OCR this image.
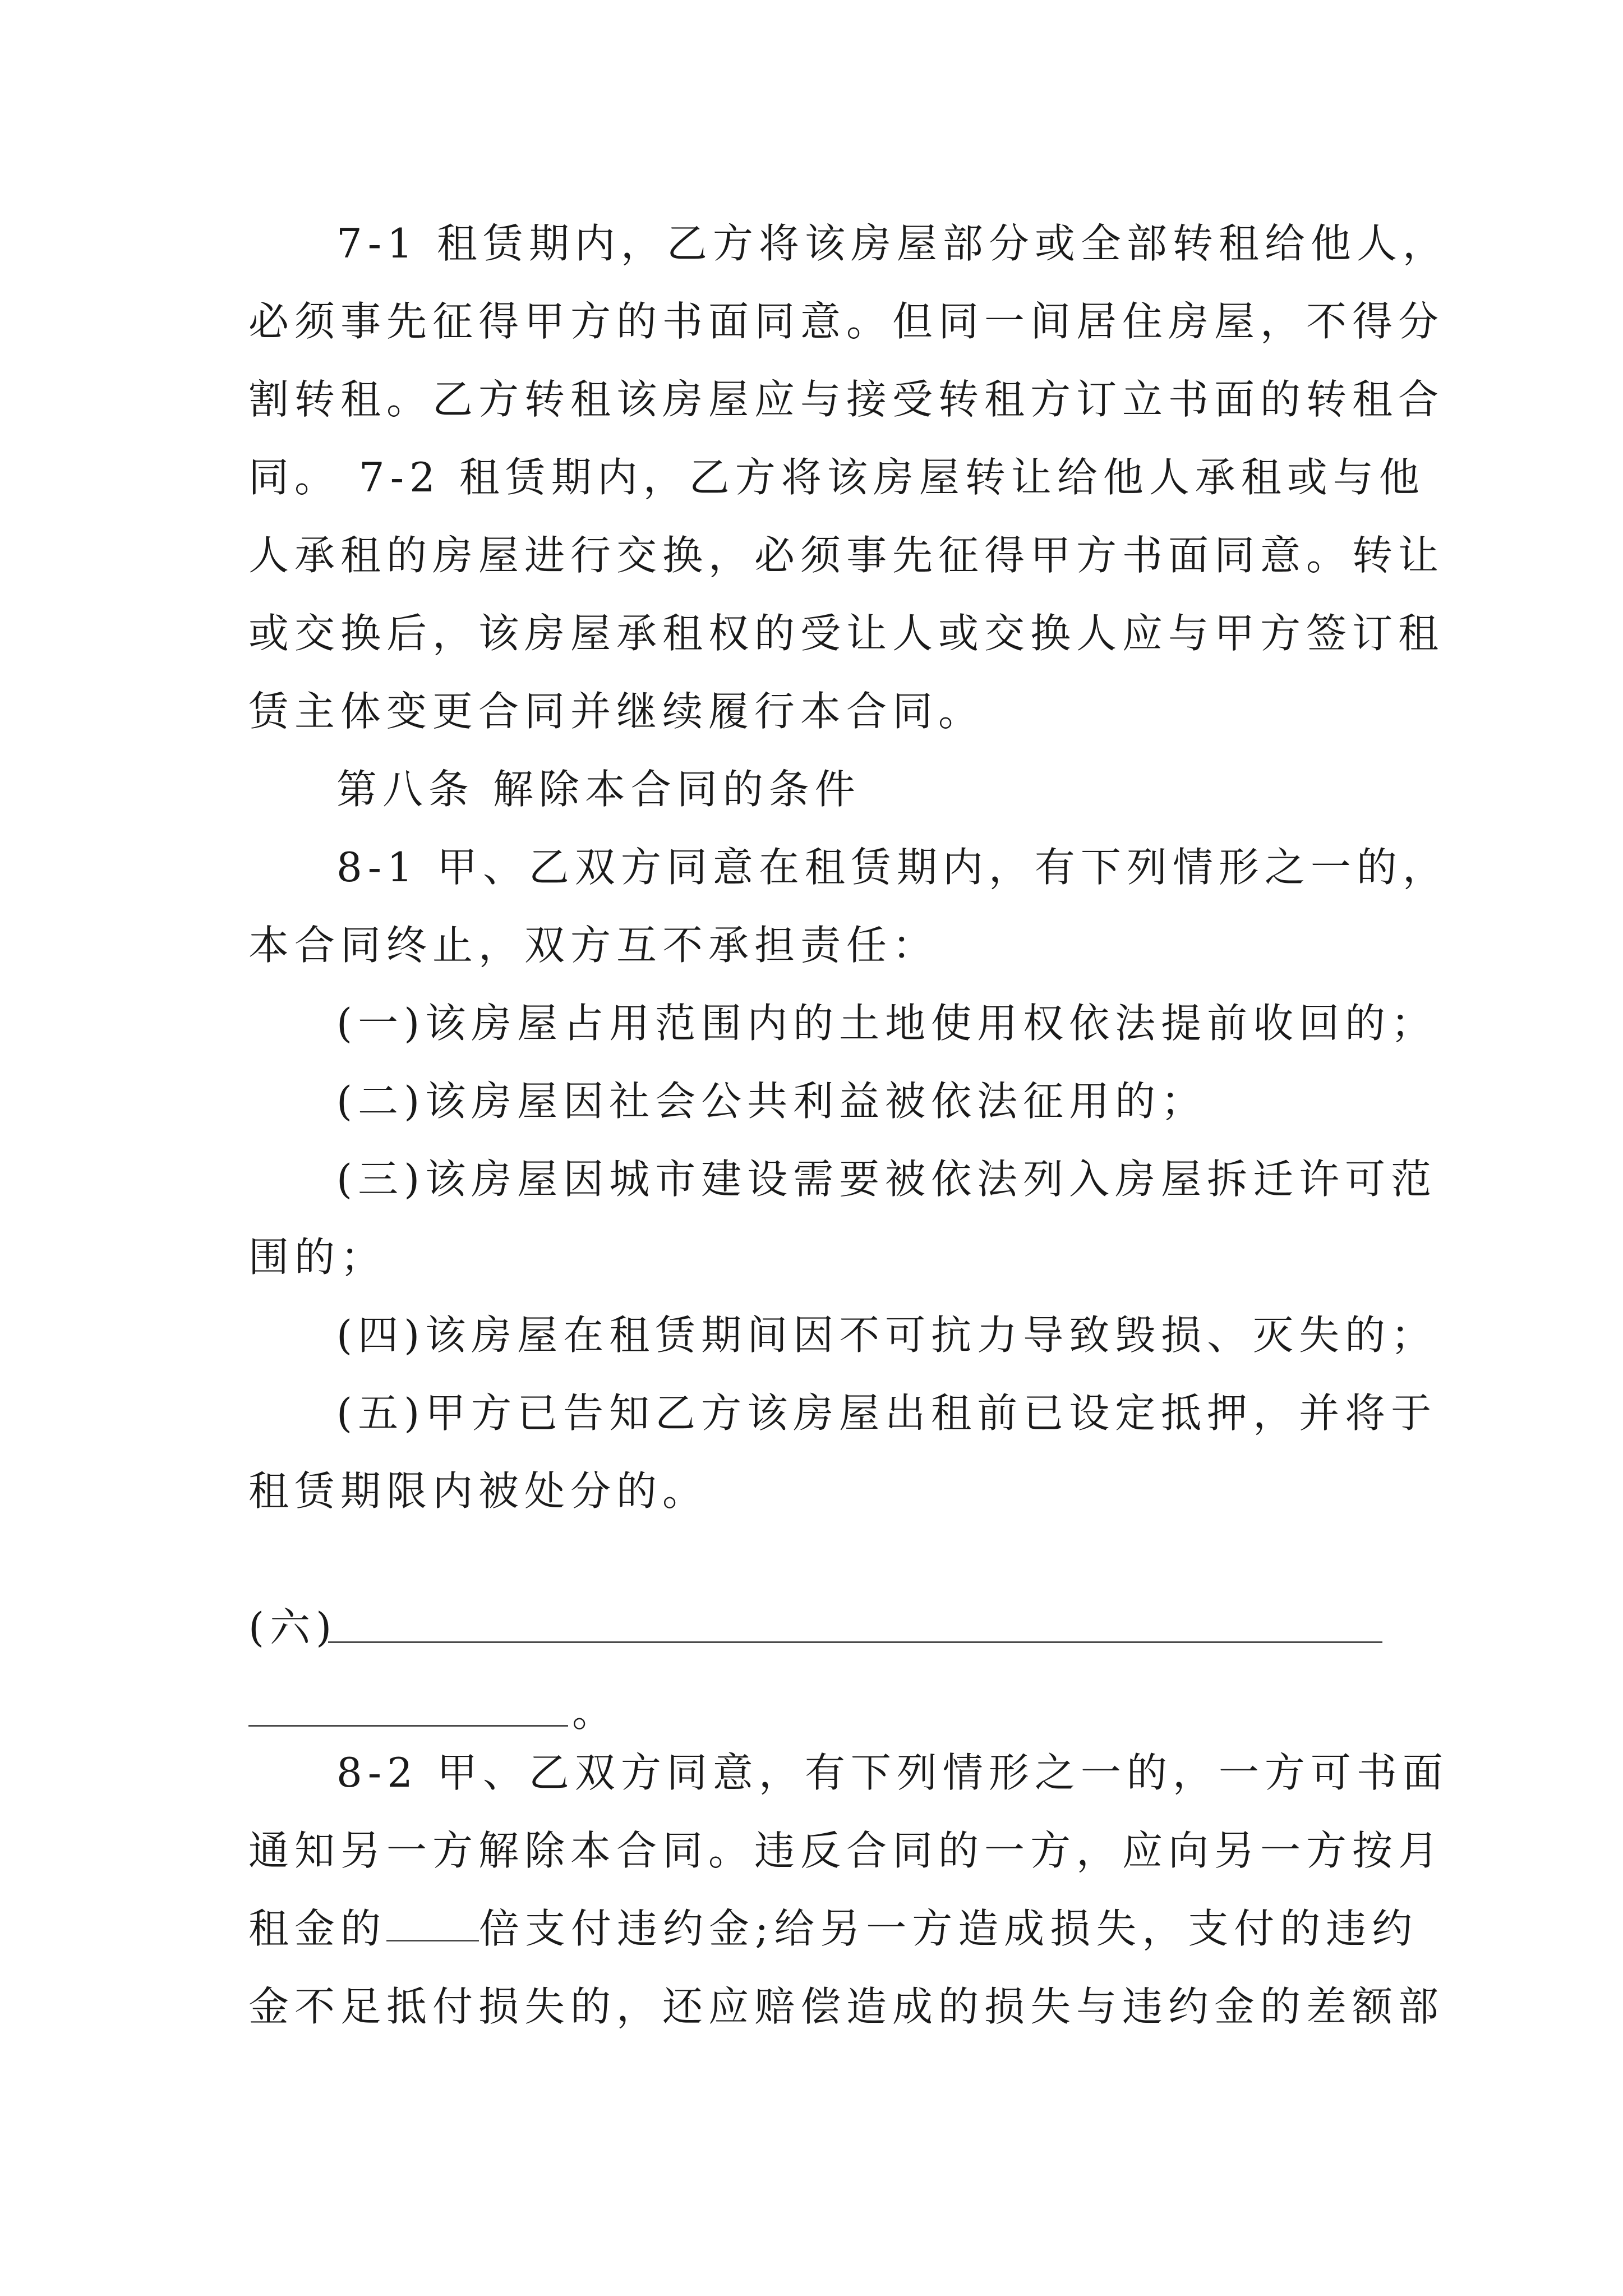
7-1 租赁期内，乙方将该房屋部分或全部转租给他人，
必须事先征得甲方的书面同意。但同一间居住房屋，不得分
割转租。乙方转租该房屋应与接受转租方订立书面的转租合
同。 7-2 租赁期内，乙方将该房屋转让给他人承租或与他
人承租的房屋进行交换，必须事先征得甲方书面同意。转让
或交换后，该房屋承租权的受让人或交换人应与甲方签订租
赁主体变更合同并继续履行本合同。
第八条 解除本合同的条件
8-1 甲、乙双方同意在租赁期内，有下列情形之一的，
本合同终止，双方互不承担责任：
(一)该房屋占用范围内的土地使用权依法提前收回的；
(二)该房屋因社会公共利益被依法征用的；
(三)该房屋因城市建设需要被依法列入房屋拆迁许可范
围的；
(四)该房屋在租赁期间因不可抗力导致毁损、灭失的；
(五)甲方已告知乙方该房屋出租前已设定抵押，并将于
租赁期限内被处分的。
(六)
。
8-2 甲、乙双方同意，有下列情形之一的，一方可书面
通知另一方解除本合同。违反合同的一方，应向另一方按月
租金的 倍支付违约金;给另一方造成损失，支付的违约
金不足抵付损失的，还应赔偿造成的损失与违约金的差额部
